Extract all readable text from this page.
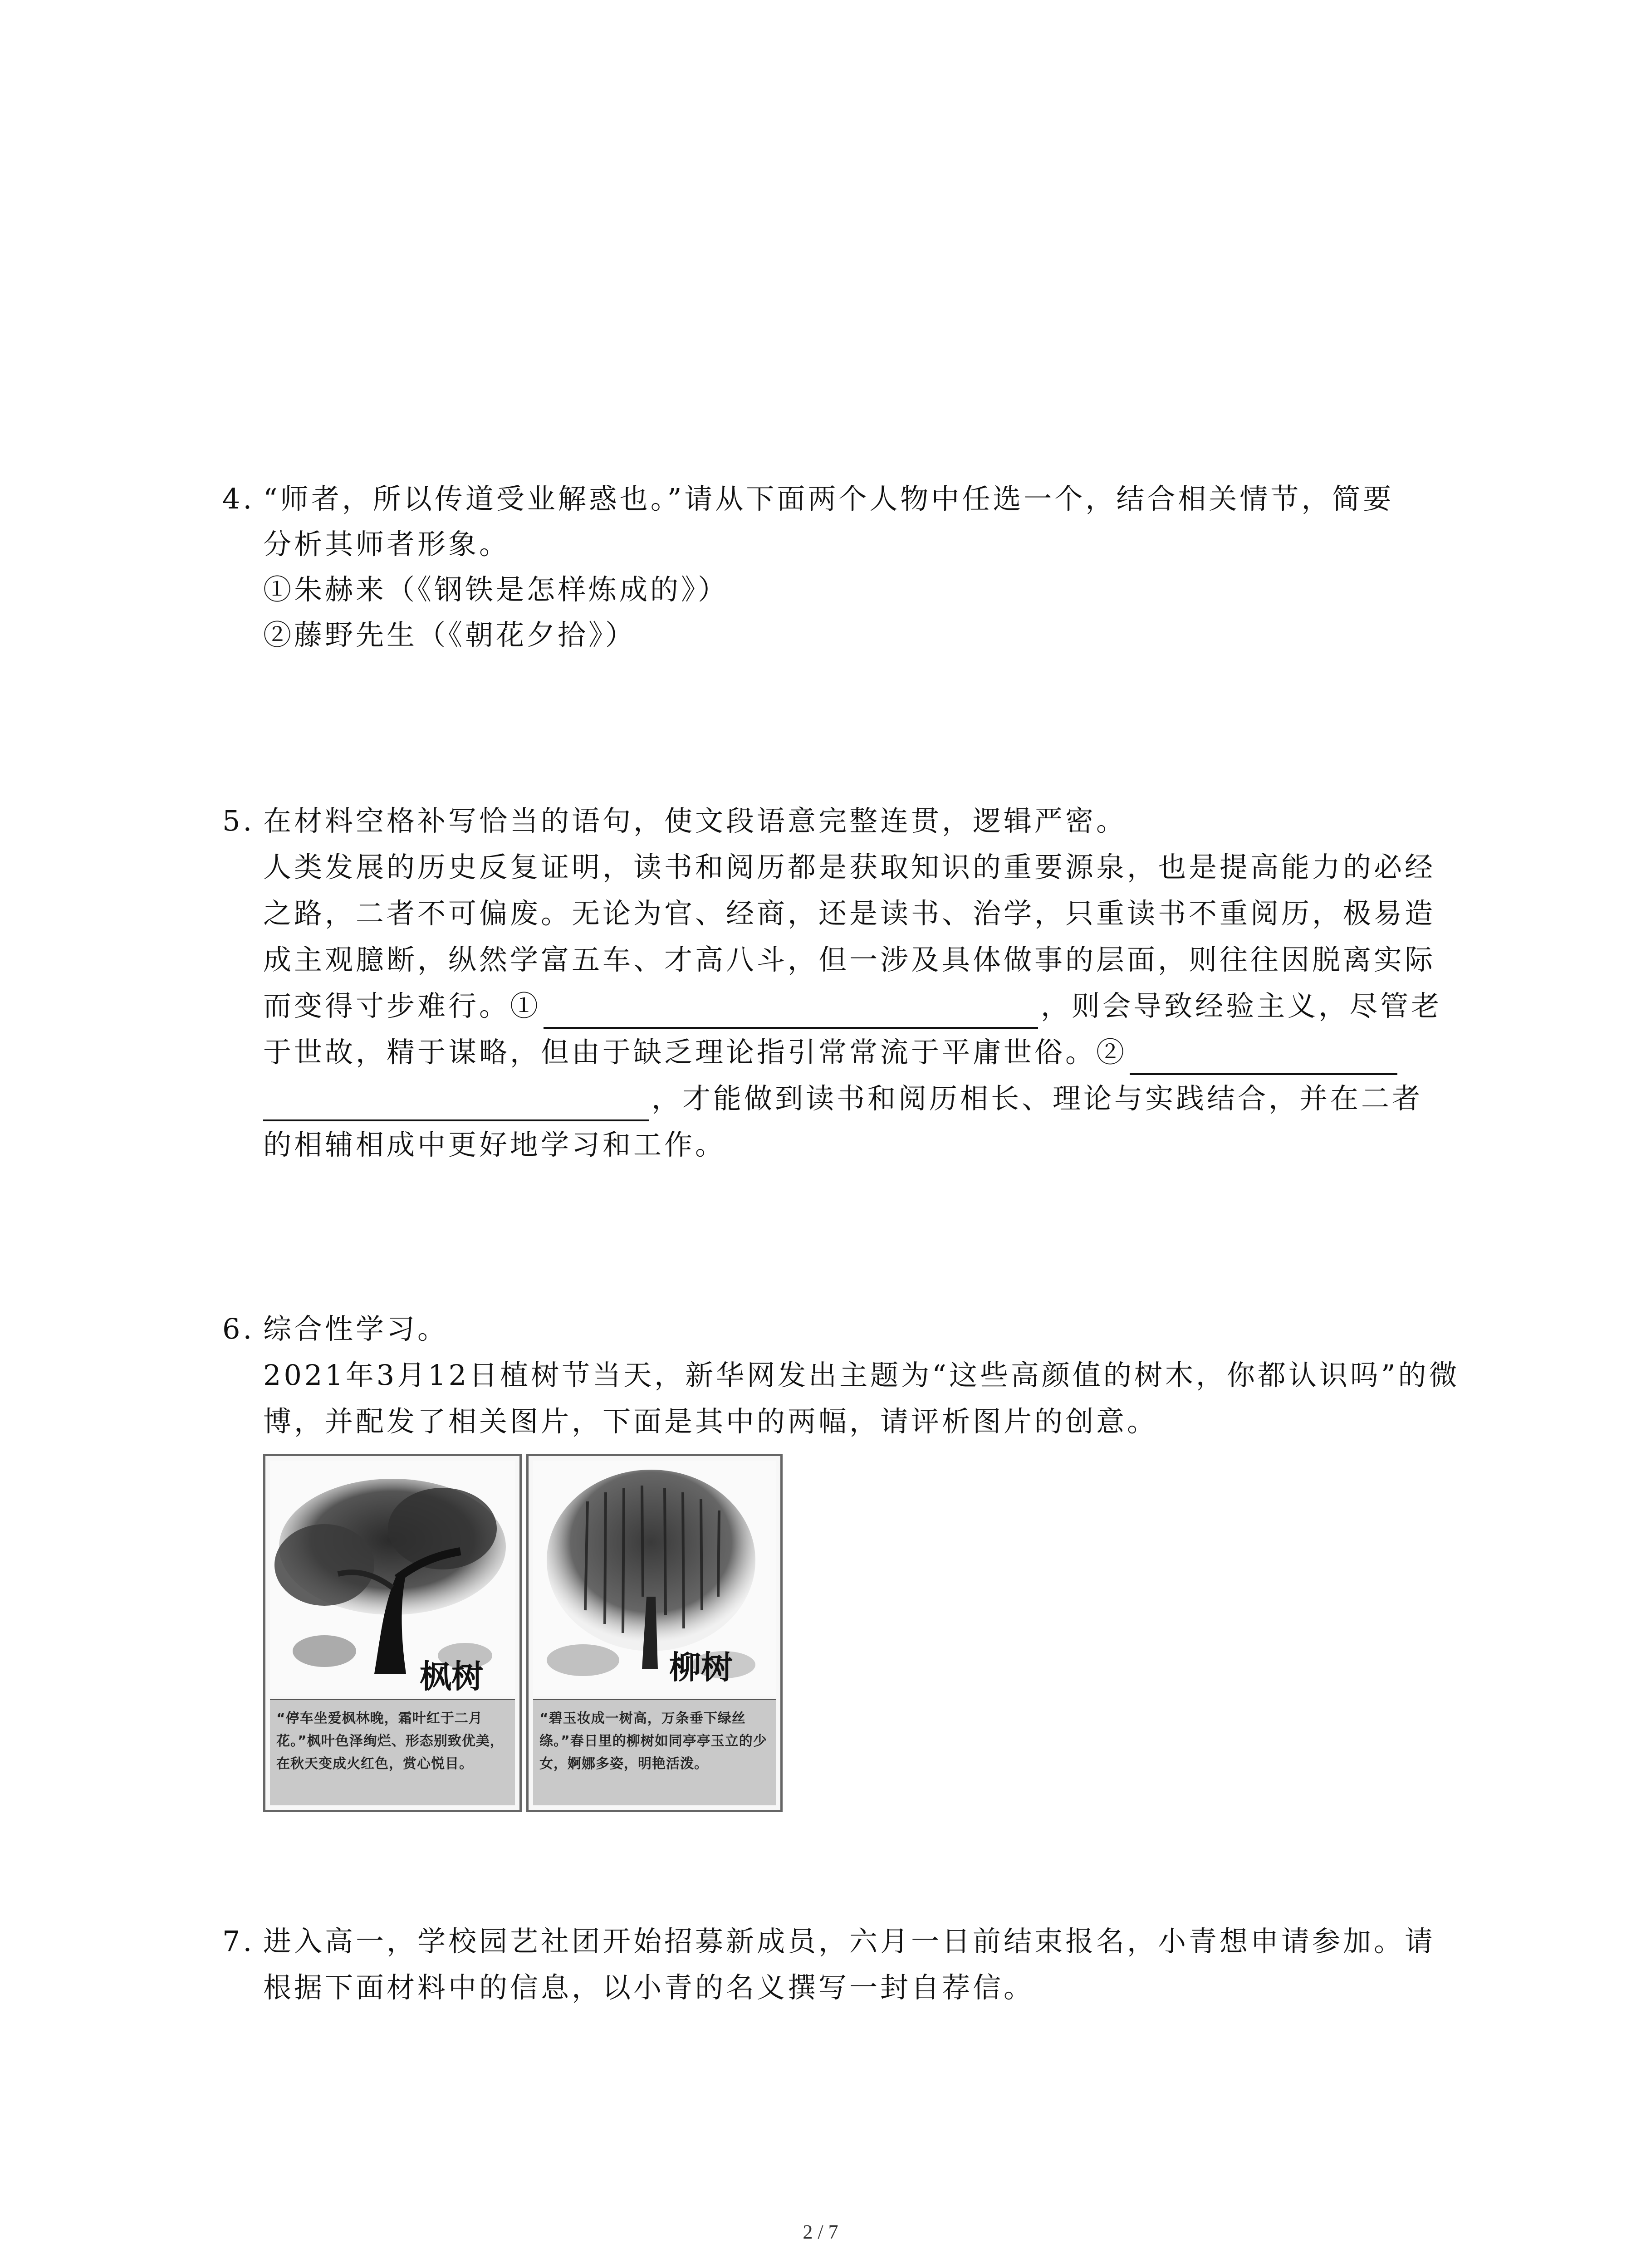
4. “师者，所以传道受业解惑也。”请从下面两个人物中任选一个，结合相关情节，简要
分析其师者形象。
①朱赫来（《钢铁是怎样炼成的》）
②藤野先生（《朝花夕拾》）
5. 在材料空格补写恰当的语句，使文段语意完整连贯，逻辑严密。
人类发展的历史反复证明，读书和阅历都是获取知识的重要源泉，也是提高能力的必经
之路，二者不可偏废。无论为官、经商，还是读书、治学，只重读书不重阅历，极易造
成主观臆断，纵然学富五车、才高八斗，但一涉及具体做事的层面，则往往因脱离实际
而变得寸步难行。①	，则会导致经验主义，尽管老
于世故，精于谋略，但由于缺乏理论指引常常流于平庸世俗。②
，才能做到读书和阅历相长、理论与实践结合，并在二者
的相辅相成中更好地学习和工作。
6. 综合性学习。
2021年3月12日植树节当天，新华网发出主题为“这些高颜值的树木，你都认识吗”的微
博，并配发了相关图片，下面是其中的两幅，请评析图片的创意。
枫树
“停车坐爱枫林晚，霜叶红于二月花。”枫叶色泽绚烂、形态别致优美，在秋天变成火红色，赏心悦目。
柳树
“碧玉妆成一树高，万条垂下绿丝绦。”春日里的柳树如同亭亭玉立的少女，婀娜多姿，明艳活泼。
7. 进入高一，学校园艺社团开始招募新成员，六月一日前结束报名，小青想申请参加。请
根据下面材料中的信息，以小青的名义撰写一封自荐信。
2 / 7
